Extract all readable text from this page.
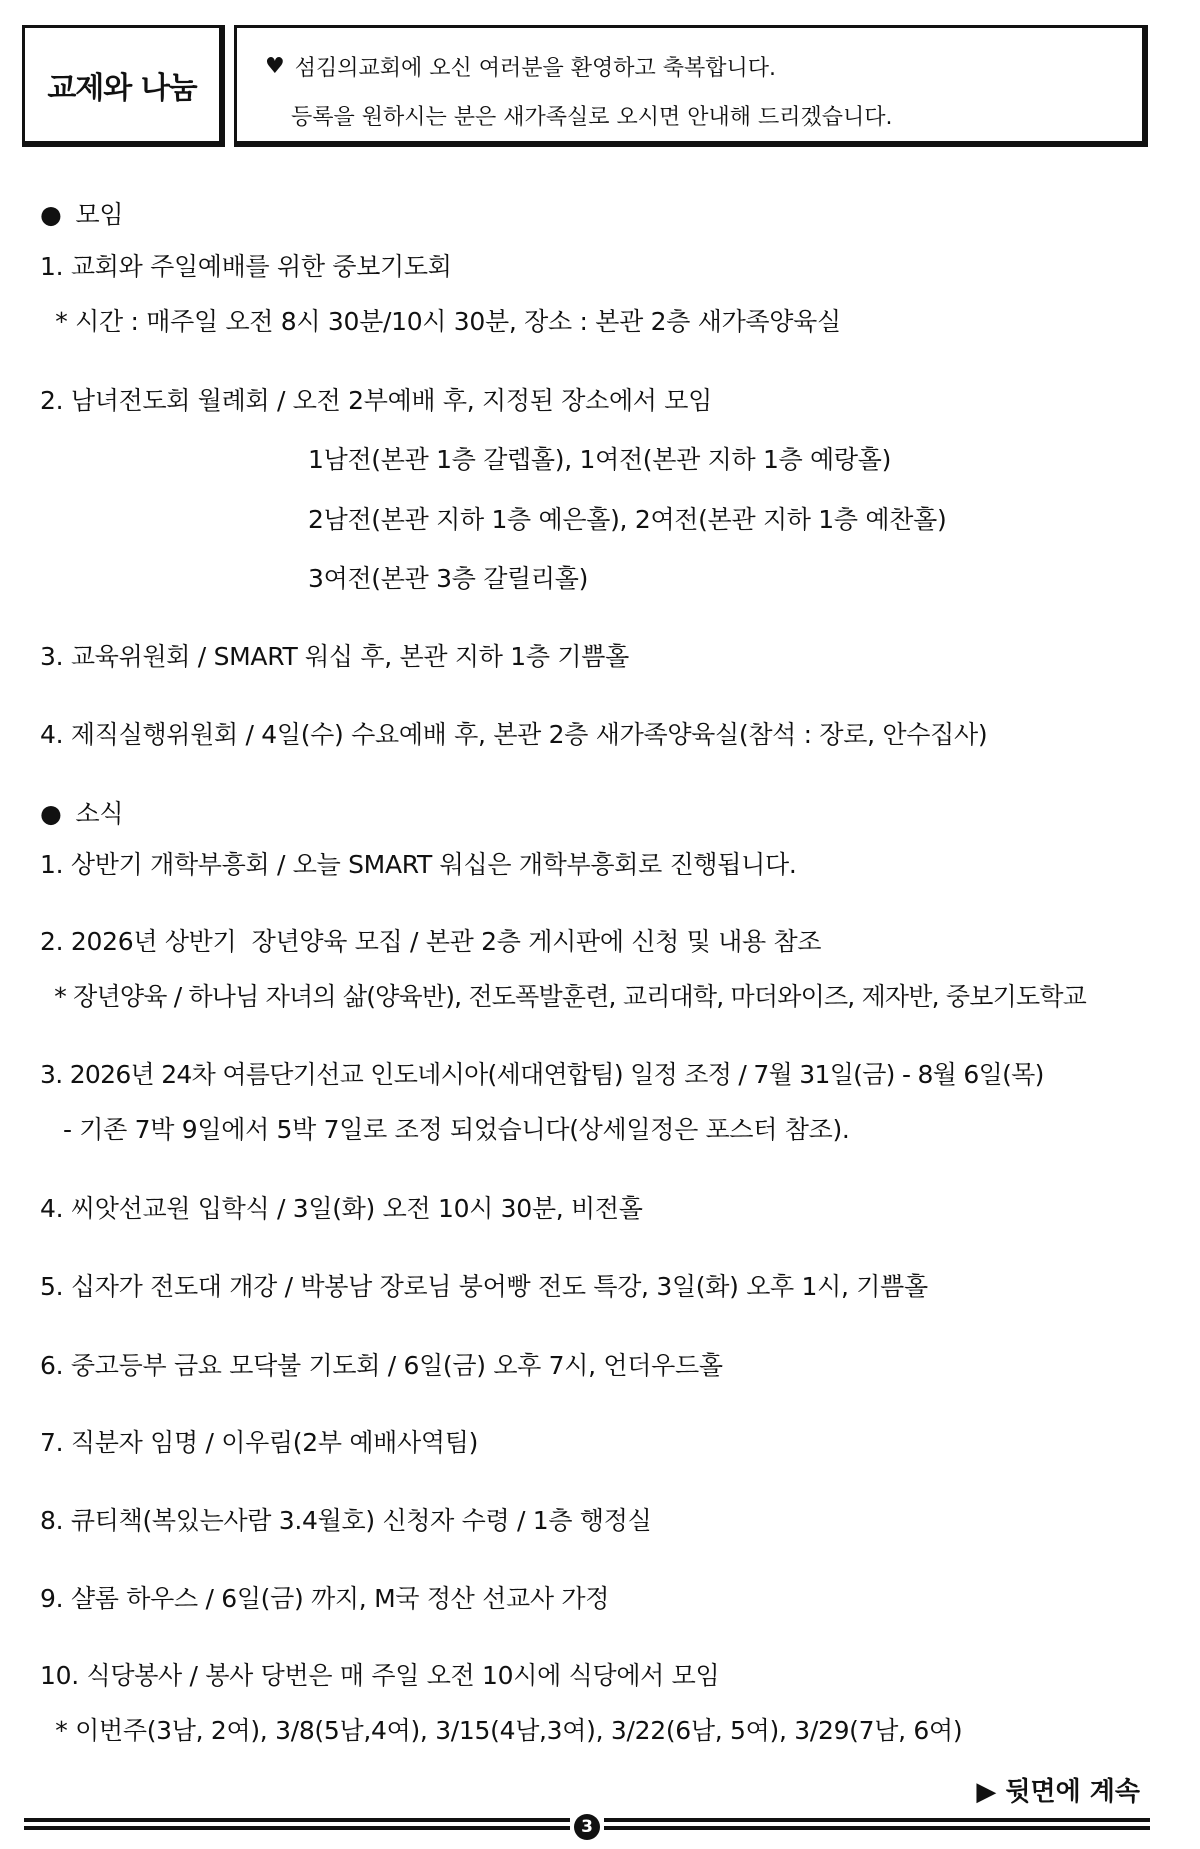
교제와 나눔
♥ 섬김의교회에 오신 여러분을 환영하고 축복합니다.
등록을 원하시는 분은 새가족실로 오시면 안내해 드리겠습니다.
● 모임
1. 교회와 주일예배를 위한 중보기도회
* 시간 : 매주일 오전 8시 30분/10시 30분, 장소 : 본관 2층 새가족양육실
2. 남녀전도회 월례회 / 오전 2부예배 후, 지정된 장소에서 모임
1남전(본관 1층 갈렙홀), 1여전(본관 지하 1층 예랑홀)
2남전(본관 지하 1층 예은홀), 2여전(본관 지하 1층 예찬홀)
3여전(본관 3층 갈릴리홀)
3. 교육위원회 / SMART 워십 후, 본관 지하 1층 기쁨홀
4. 제직실행위원회 / 4일(수) 수요예배 후, 본관 2층 새가족양육실(참석 : 장로, 안수집사)
● 소식
1. 상반기 개학부흥회 / 오늘 SMART 워십은 개학부흥회로 진행됩니다.
2. 2026년 상반기  장년양육 모집 / 본관 2층 게시판에 신청 및 내용 참조
* 장년양육 / 하나님 자녀의 삶(양육반), 전도폭발훈련, 교리대학, 마더와이즈, 제자반, 중보기도학교
3. 2026년 24차 여름단기선교 인도네시아(세대연합팀) 일정 조정 / 7월 31일(금) - 8월 6일(목)
- 기존 7박 9일에서 5박 7일로 조정 되었습니다(상세일정은 포스터 참조).
4. 씨앗선교원 입학식 / 3일(화) 오전 10시 30분, 비전홀
5. 십자가 전도대 개강 / 박봉남 장로님 붕어빵 전도 특강, 3일(화) 오후 1시, 기쁨홀
6. 중고등부 금요 모닥불 기도회 / 6일(금) 오후 7시, 언더우드홀
7. 직분자 임명 / 이우림(2부 예배사역팀)
8. 큐티책(복있는사람 3.4월호) 신청자 수령 / 1층 행정실
9. 샬롬 하우스 / 6일(금) 까지, M국 정산 선교사 가정
10. 식당봉사 / 봉사 당번은 매 주일 오전 10시에 식당에서 모임
* 이번주(3남, 2여), 3/8(5남,4여), 3/15(4남,3여), 3/22(6남, 5여), 3/29(7남, 6여)
▶ 뒷면에 계속
3
